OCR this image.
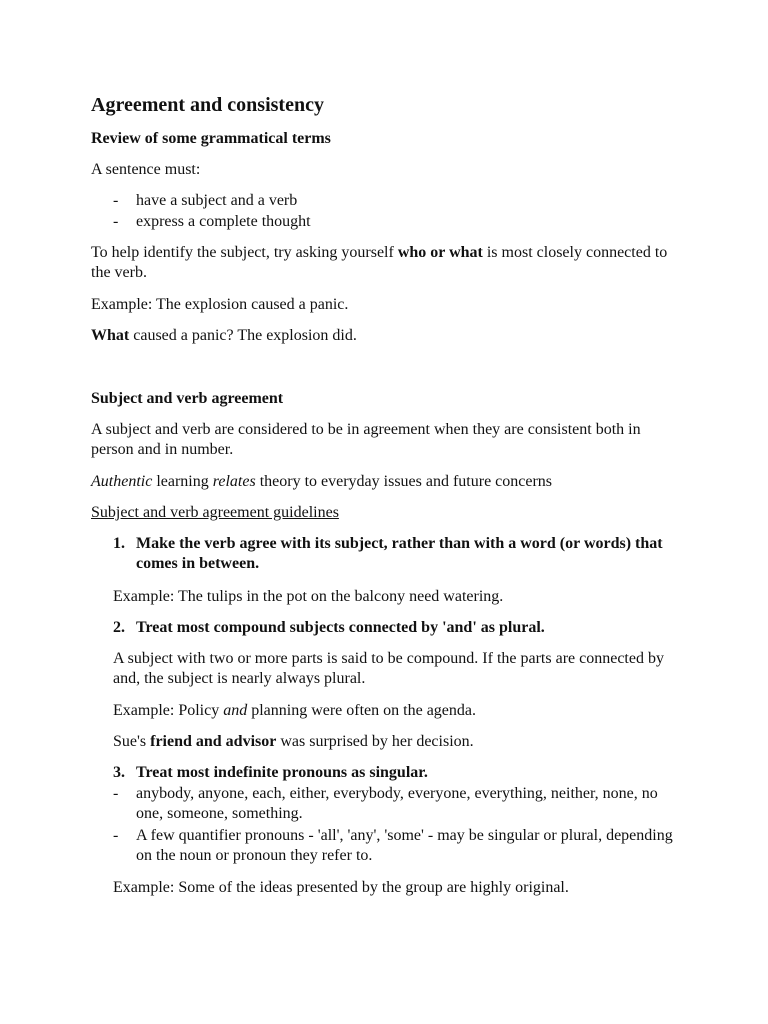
Agreement and consistency

Review of some grammatical terms

A sentence must:

- have a subject and a verb
- express a complete thought

To help identify the subject, try asking yourself who or what is most closely connected to the verb.

Example: The explosion caused a panic.

What caused a panic? The explosion did.

Subject and verb agreement

A subject and verb are considered to be in agreement when they are consistent both in person and in number.

Authentic learning relates theory to everyday issues and future concerns

Subject and verb agreement guidelines

1. Make the verb agree with its subject, rather than with a word (or words) that comes in between.

Example: The tulips in the pot on the balcony need watering.

2. Treat most compound subjects connected by 'and' as plural.

A subject with two or more parts is said to be compound. If the parts are connected by and, the subject is nearly always plural.

Example: Policy and planning were often on the agenda.

Sue's friend and advisor was surprised by her decision.

3. Treat most indefinite pronouns as singular.
- anybody, anyone, each, either, everybody, everyone, everything, neither, none, no one, someone, something.
- A few quantifier pronouns - 'all', 'any', 'some' - may be singular or plural, depending on the noun or pronoun they refer to.

Example: Some of the ideas presented by the group are highly original.
